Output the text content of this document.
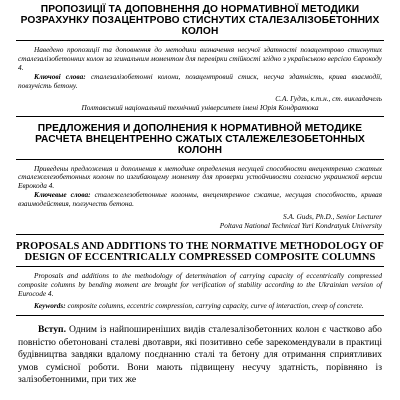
ПРОПОЗИЦІЇ ТА ДОПОВНЕННЯ ДО НОРМАТИВНОЇ МЕТОДИКИ РОЗРАХУНКУ ПОЗАЦЕНТРОВО СТИСНУТИХ СТАЛЕЗАЛІЗОБЕТОННИХ КОЛОН

Наведено пропозиції та доповнення до методики визначення несучої здатності позацентрово стиснутих сталезалізобетонних колон за згинальним моментом для перевірки стійкості згідно з українською версією Єврокоду 4.

Ключові слова: сталезалізобетонні колони, позацентровий стиск, несуча здатність, крива взаємодії, повзучість бетону.

С.А. Гудзь, к.т.н., ст. викладачель

Полтавський національний технічний університет імені Юрія Кондратюка

ПРЕДЛОЖЕНИЯ И ДОПОЛНЕНИЯ К НОРМАТИВНОЙ МЕТОДИКЕ РАСЧЕТА ВНЕЦЕНТРЕННО СЖАТЫХ СТАЛЕЖЕЛЕЗОБЕТОННЫХ КОЛОНН

Приведены предложения и дополнения к методике определения несущей способности внецентренно сжатых сталежелезобетонных колонн по изгибающему моменту для проверки устойчивости согласно украинской версии Еврокода 4.

Ключевые слова: сталежелезобетонные колонны, внецентренное сжатие, несущая способность, кривая взаимодействия, ползучесть бетона.

S.A. Guds, Ph.D., Senior Lecturer

Poltava National Technical Yuri Kondratyuk University

PROPOSALS AND ADDITIONS TO THE NORMATIVE METHODOLOGY OF DESIGN OF ECCENTRICALLY COMPRESSED COMPOSITE COLUMNS

Proposals and additions to the methodology of determination of carrying capacity of eccentrically compressed composite columns by bending moment are brought for verification of stability according to the Ukrainian version of Eurocode 4.

Keywords: composite columns, eccentric compression, carrying capacity, curve of interaction, creep of concrete.

Вступ. Одним із найпоширеніших видів сталезалізобетонних колон є частково або повністю обетоновані сталеві двотаври, які позитивно себе зарекомендували в практиці будівництва завдяки вдалому поєднанню сталі та бетону для отримання сприятливих умов сумісної роботи. Вони мають підвищену несучу здатність, порівняно із залізобетонними, при тих же
